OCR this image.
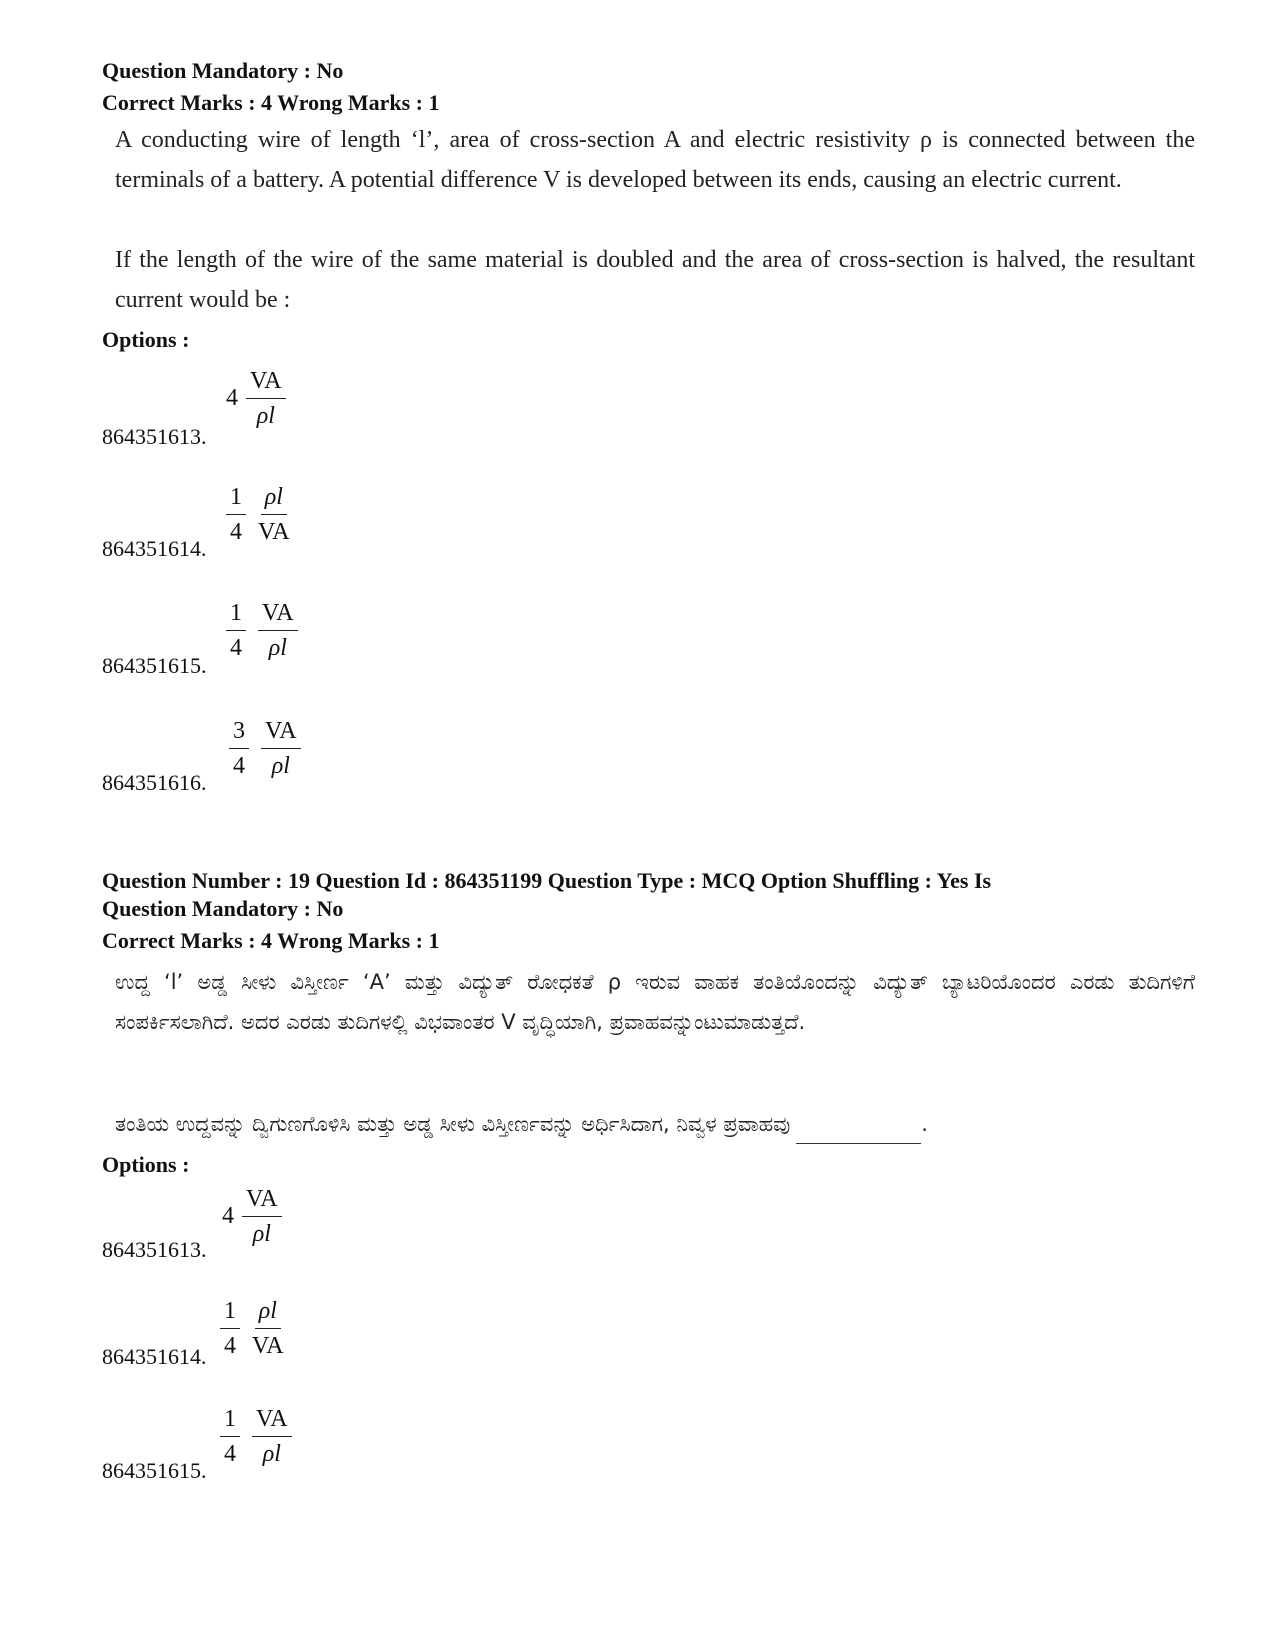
Question Mandatory : No
Correct Marks : 4 Wrong Marks : 1
A conducting wire of length ‘l’, area of cross-section A and electric resistivity ρ is connected between the terminals of a battery. A potential difference V is developed between its ends, causing an electric current.
If the length of the wire of the same material is doubled and the area of cross-section is halved, the resultant current would be :
Options :
864351613.
$4 \frac{VA}{\rho l}$
864351614.
$\frac{1}{4} \frac{\rho l}{VA}$
864351615.
$\frac{1}{4} \frac{VA}{\rho l}$
864351616.
$\frac{3}{4} \frac{VA}{\rho l}$
Question Number : 19 Question Id : 864351199 Question Type : MCQ Option Shuffling : Yes Is
Question Mandatory : No
Correct Marks : 4 Wrong Marks : 1
ಉದ್ದ ‘l’ ಅಡ್ಡ ಸೀಳು ವಿಸ್ತೀರ್ಣ ‘A’ ಮತ್ತು ವಿದ್ಯುತ್ ರೋಧಕತೆ ρ ಇರುವ ವಾಹಕ ತಂತಿಯೊಂದನ್ನು ವಿದ್ಯುತ್ ಬ್ಯಾಟರಿಯೊಂದರ ಎರಡು ತುದಿಗಳಿಗೆ ಸಂಪರ್ಕಿಸಲಾಗಿದೆ. ಅದರ ಎರಡು ತುದಿಗಳಲ್ಲಿ ವಿಭವಾಂತರ V ವೃದ್ಧಿಯಾಗಿ, ಪ್ರವಾಹವನ್ನುಂಟುಮಾಡುತ್ತದೆ.
ತಂತಿಯ ಉದ್ದವನ್ನು ದ್ವಿಗುಣಗೊಳಿಸಿ ಮತ್ತು ಅಡ್ಡ ಸೀಳು ವಿಸ್ತೀರ್ಣವನ್ನು ಅರ್ಧಿಸಿದಾಗ, ನಿವ್ವಳ ಪ್ರವಾಹವು	.
Options :
864351613.
$4 \frac{VA}{\rho l}$
864351614. $\frac{1}{4} \frac{\rho l}{VA}$
864351615.
$\frac{1}{4} \frac{VA}{\rho l}$
